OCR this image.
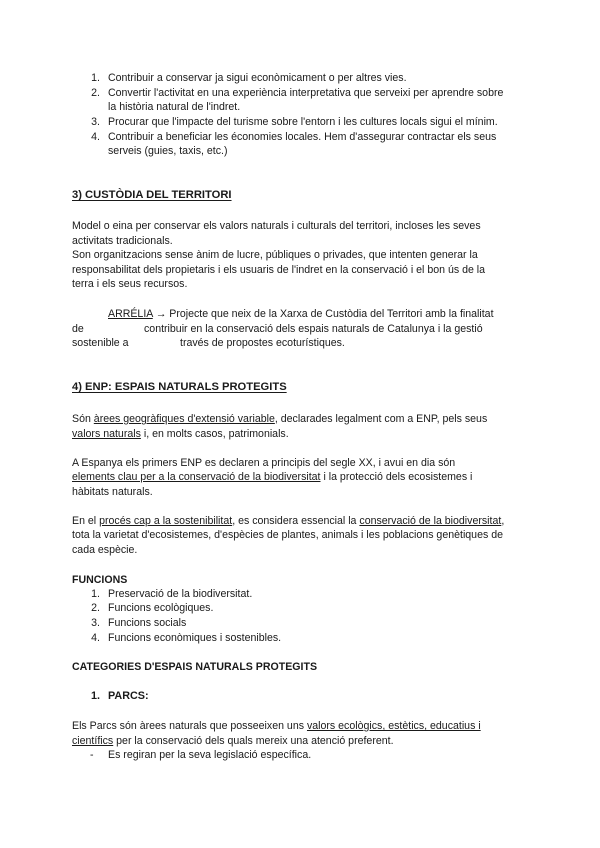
1. Contribuir a conservar ja sigui econòmicament o per altres vies.
2. Convertir l'activitat en una experiència interpretativa que serveixi per aprendre sobre
la història natural de l'indret.
3. Procurar que l'impacte del turisme sobre l'entorn i les cultures locals sigui el mínim.
4. Contribuir a beneficiar les économies locales. Hem d'assegurar contractar els seus
serveis (guies, taxis, etc.)
3) CUSTÒDIA DEL TERRITORI
Model o eina per conservar els valors naturals i culturals del territori, incloses les seves
activitats tradicionals.
Son organitzacions sense ànim de lucre, públiques o privades, que intenten generar la
responsabilitat dels propietaris i els usuaris de l'indret en la conservació i el bon ús de la
terra i els seus recursos.
ARRÉLIA → Projecte que neix de la Xarxa de Custòdia del Territori amb la finalitat
de	contribuir en la conservació dels espais naturals de Catalunya i la gestió
sostenible a	través de propostes ecoturístiques.
4) ENP: ESPAIS NATURALS PROTEGITS
Són àrees geogràfiques d'extensió variable, declarades legalment com a ENP, pels seus
valors naturals i, en molts casos, patrimonials.
A Espanya els primers ENP es declaren a principis del segle XX, i avui en dia són
elements clau per a la conservació de la biodiversitat i la protecció dels ecosistemes i
hàbitats naturals.
En el procés cap a la sostenibilitat, es considera essencial la conservació de la biodiversitat,
tota la varietat d'ecosistemes, d'espècies de plantes, animals i les poblacions genètiques de
cada espècie.
FUNCIONS
1. Preservació de la biodiversitat.
2. Funcions ecològiques.
3. Funcions socials
4. Funcions econòmiques i sostenibles.
CATEGORIES D'ESPAIS NATURALS PROTEGITS
1. PARCS:
Els Parcs són àrees naturals que posseeixen uns valors ecològics, estètics, educatius i
científics per la conservació dels quals mereix una atenció preferent.
- Es regiran per la seva legislació específica.
